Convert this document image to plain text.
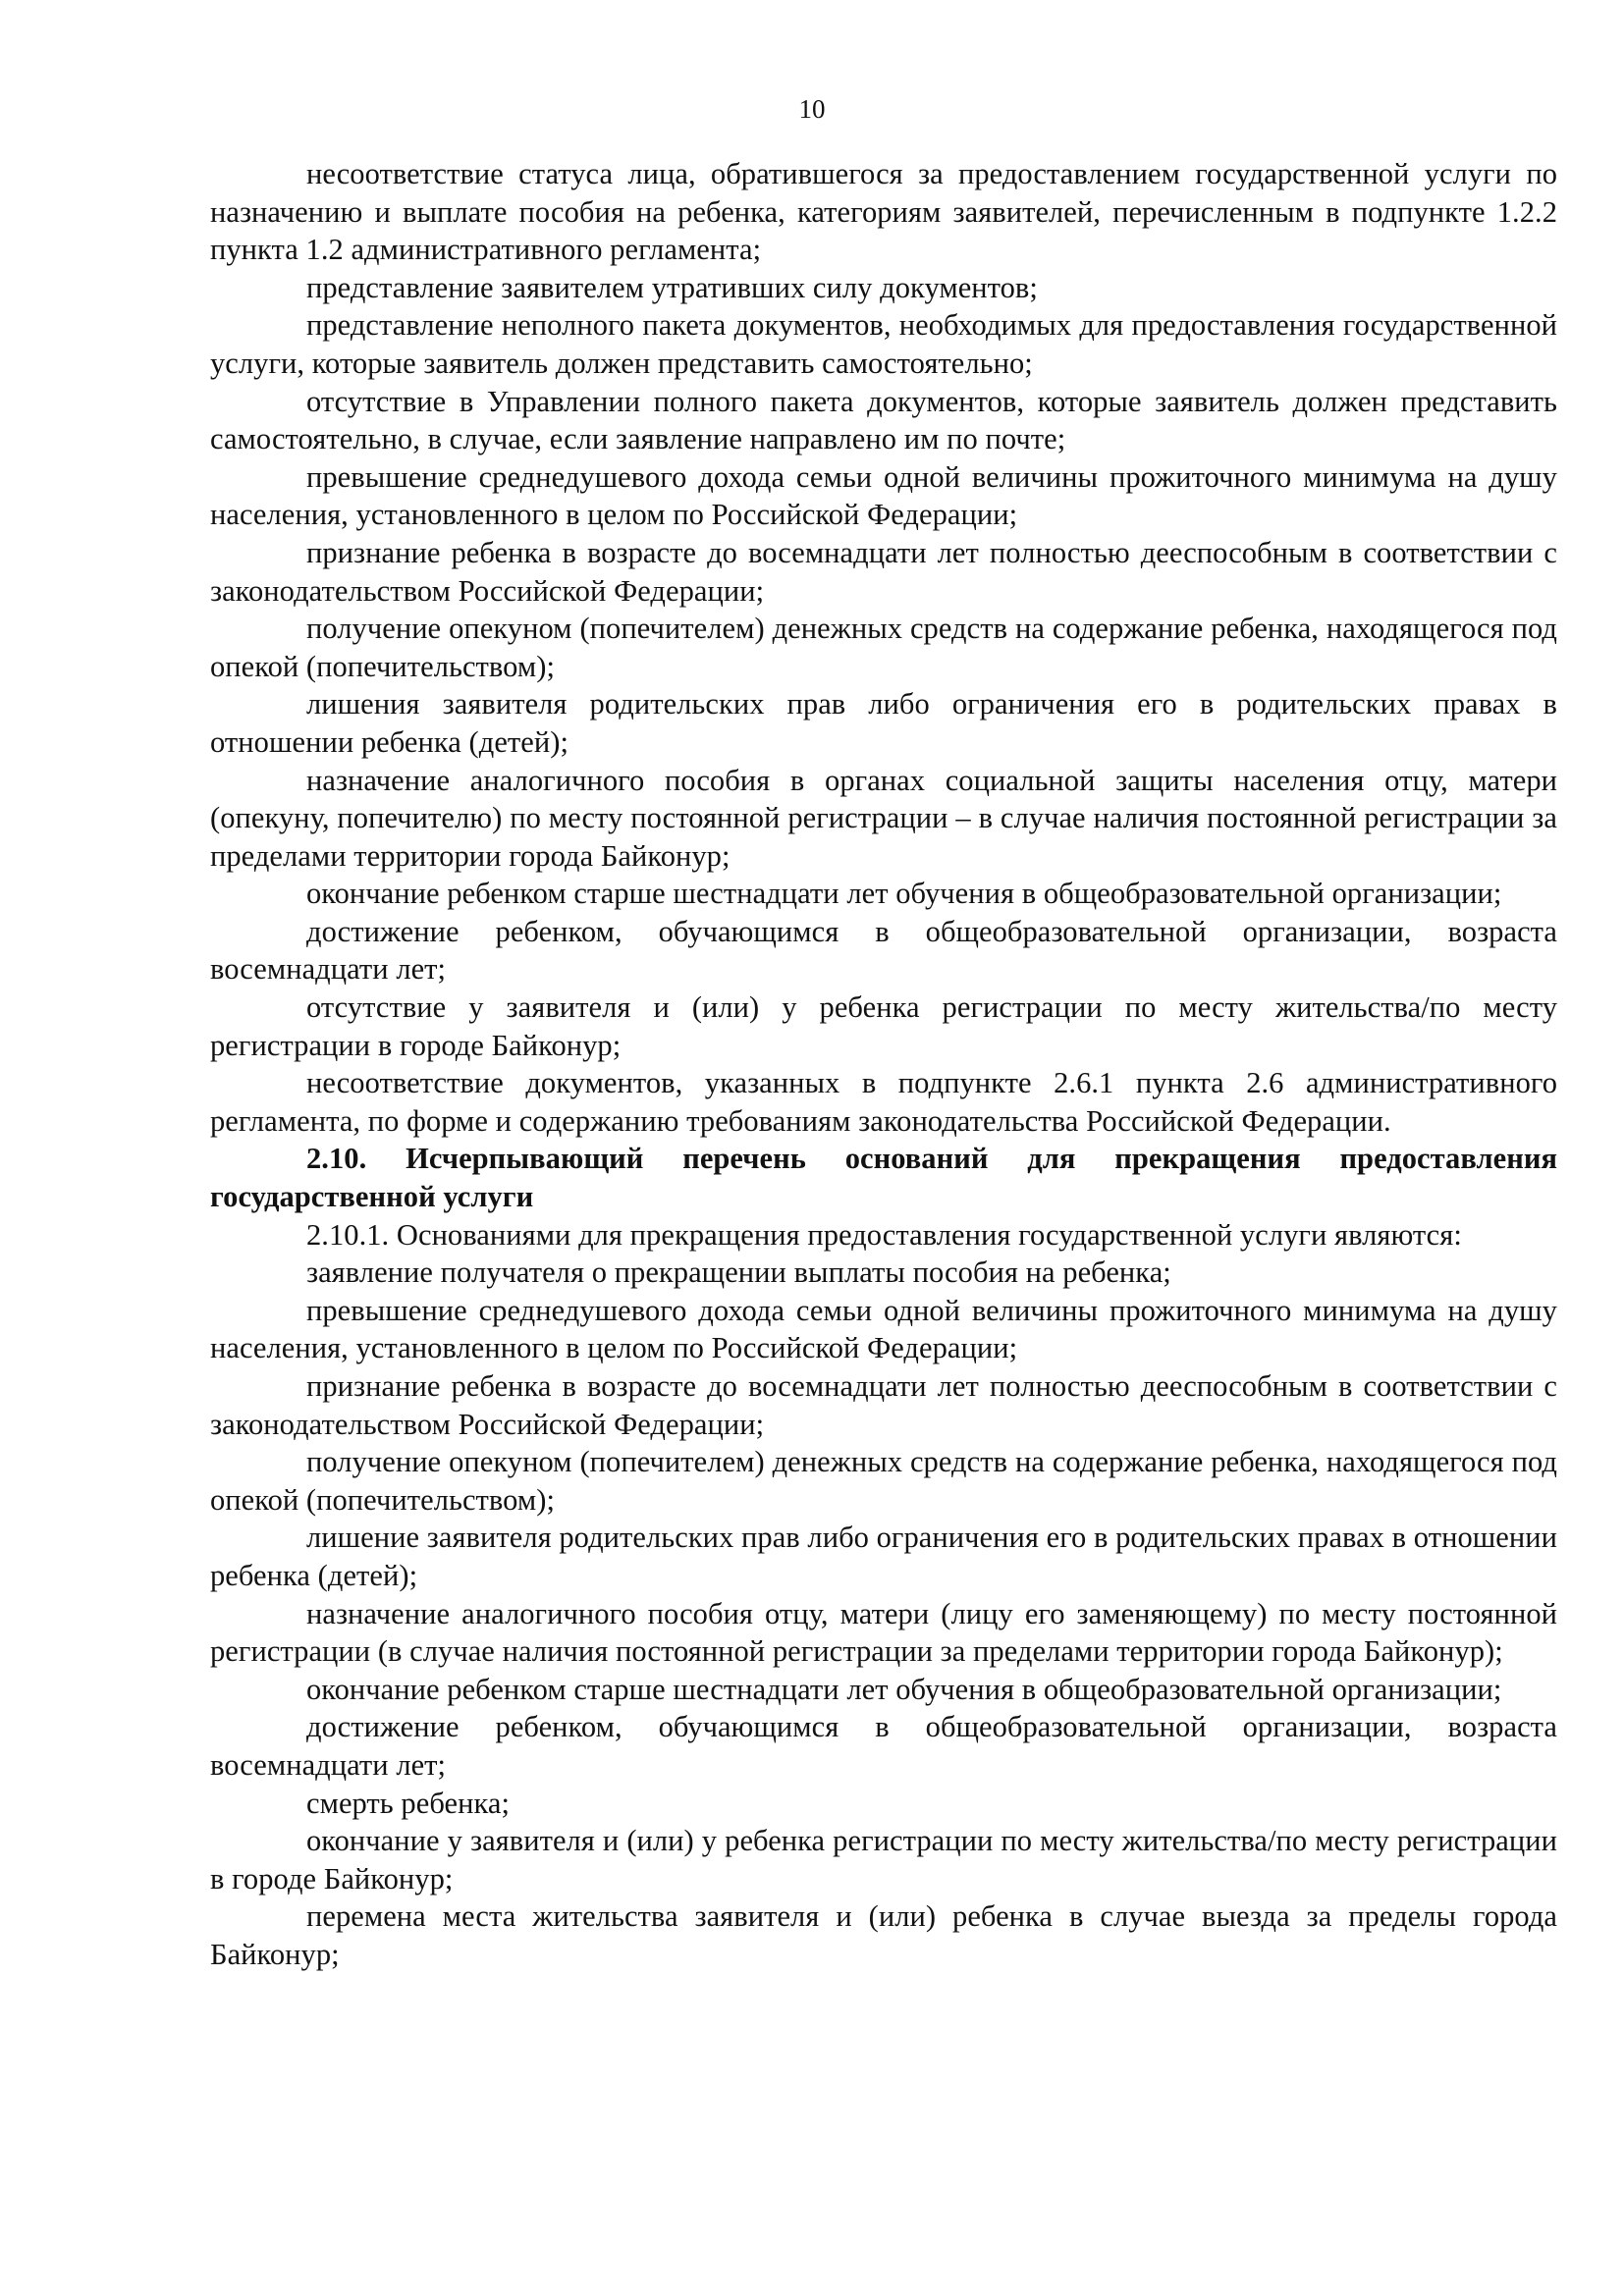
10

несоответствие статуса лица, обратившегося за предоставлением государственной услуги по назначению и выплате пособия на ребенка, категориям заявителей, перечисленным в подпункте 1.2.2 пункта 1.2 административного регламента;

представление заявителем утративших силу документов;

представление неполного пакета документов, необходимых для предоставления государственной услуги, которые заявитель должен представить самостоятельно;

отсутствие в Управлении полного пакета документов, которые заявитель должен представить самостоятельно, в случае, если заявление направлено им по почте;

превышение среднедушевого дохода семьи одной величины прожиточного минимума на душу населения, установленного в целом по Российской Федерации;

признание ребенка в возрасте до восемнадцати лет полностью дееспособным в соответствии с законодательством Российской Федерации;

получение опекуном (попечителем) денежных средств на содержание ребенка, находящегося под опекой (попечительством);

лишения заявителя родительских прав либо ограничения его в родительских правах в отношении ребенка (детей);

назначение аналогичного пособия в органах социальной защиты населения отцу, матери (опекуну, попечителю) по месту постоянной регистрации – в случае наличия постоянной регистрации за пределами территории города Байконур;

окончание ребенком старше шестнадцати лет обучения в общеобразовательной организации;

достижение ребенком, обучающимся в общеобразовательной организации, возраста восемнадцати лет;

отсутствие у заявителя и (или) у ребенка регистрации по месту жительства/по месту регистрации в городе Байконур;

несоответствие документов, указанных в подпункте 2.6.1 пункта 2.6 административного регламента, по форме и содержанию требованиям законодательства Российской Федерации.

2.10. Исчерпывающий перечень оснований для прекращения предоставления государственной услуги

2.10.1. Основаниями для прекращения предоставления государственной услуги являются:

заявление получателя о прекращении выплаты пособия на ребенка;

превышение среднедушевого дохода семьи одной величины прожиточного минимума на душу населения, установленного в целом по Российской Федерации;

признание ребенка в возрасте до восемнадцати лет полностью дееспособным в соответствии с законодательством Российской Федерации;

получение опекуном (попечителем) денежных средств на содержание ребенка, находящегося под опекой (попечительством);

лишение заявителя родительских прав либо ограничения его в родительских правах в отношении ребенка (детей);

назначение аналогичного пособия отцу, матери (лицу его заменяющему) по месту постоянной регистрации (в случае наличия постоянной регистрации за пределами территории города Байконур);

окончание ребенком старше шестнадцати лет обучения в общеобразовательной организации;

достижение ребенком, обучающимся в общеобразовательной организации, возраста восемнадцати лет;

смерть ребенка;

окончание у заявителя и (или) у ребенка регистрации по месту жительства/по месту регистрации в городе Байконур;

перемена места жительства заявителя и (или) ребенка в случае выезда за пределы города Байконур;
